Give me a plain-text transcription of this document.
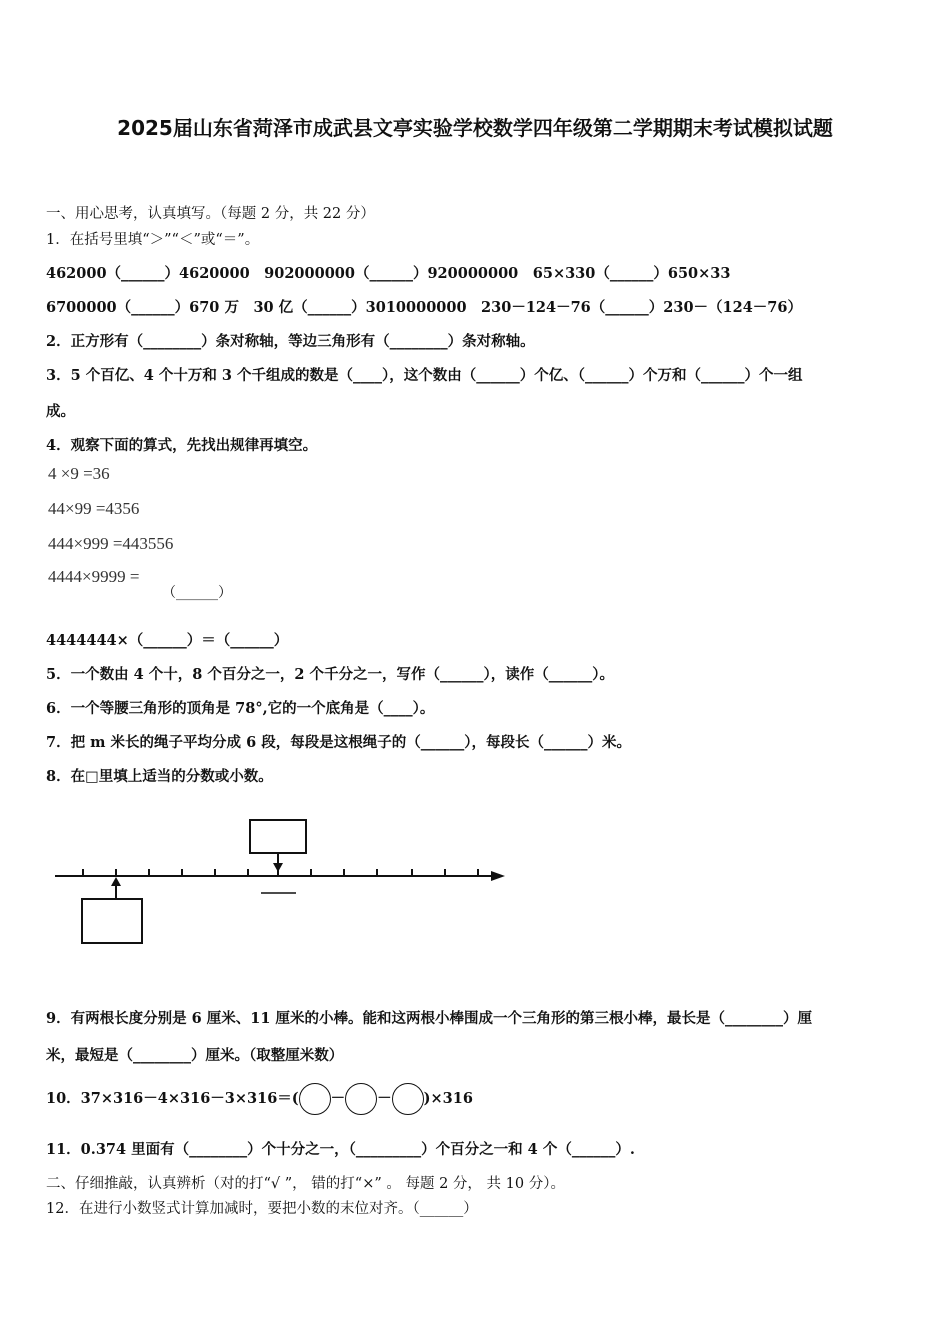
2025届山东省菏泽市成武县文亭实验学校数学四年级第二学期期末考试模拟试题
一、用心思考，认真填写。（每题 2 分，共 22 分）
1．在括号里填“＞”“＜”或“＝”。
462000（______）4620000　902000000（______）920000000　65×330（______）650×33
6700000（______）670 万　30 亿（______）3010000000　230－124－76（______）230－（124－76）
2．正方形有（________）条对称轴，等边三角形有（________）条对称轴。
3．5 个百亿、4 个十万和 3 个千组成的数是（____），这个数由（______）个亿、（______）个万和（______）个一组
成。
4．观察下面的算式，先找出规律再填空。
4 ×9 =36
44×99 =4356
444×999 =443556
4444×9999 =
（______）
4444444×（______）＝（______）
5．一个数由 4 个十，8 个百分之一，2 个千分之一，写作（______），读作（______）。
6．一个等腰三角形的顶角是 78°,它的一个底角是（____）。
7．把 m 米长的绳子平均分成 6 段，每段是这根绳子的（______），每段长（______）米。
8．在□里填上适当的分数或小数。
9．有两根长度分别是 6 厘米、11 厘米的小棒。能和这两根小棒围成一个三角形的第三根小棒，最长是（________）厘
米，最短是（________）厘米。（取整厘米数）
10．37×316－4×316－3×316＝( － － )×316
11．0.374 里面有（________）个十分之一，（_________）个百分之一和 4 个（______）.
二、仔细推敲，认真辨析（对的打“√ ”， 错的打“×” 。 每题 2 分， 共 10 分）。
12．在进行小数竖式计算加减时，要把小数的末位对齐。（______）
